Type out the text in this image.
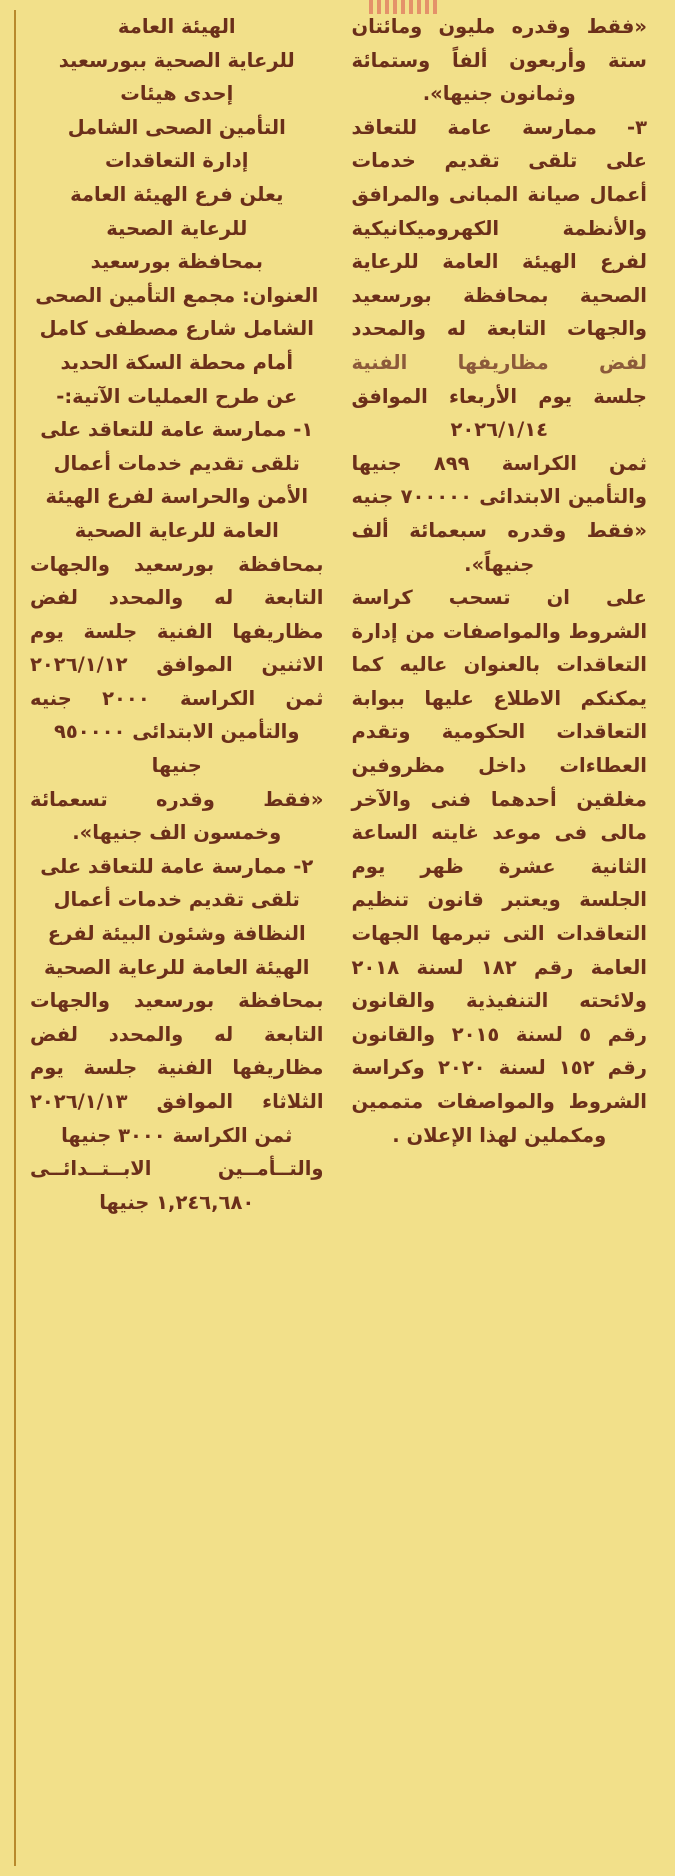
الهيئة العامة
للرعاية الصحية ببورسعيد
إحدى هيئات
التأمين الصحى الشامل
إدارة التعاقدات
يعلن فرع الهيئة العامة
للرعاية الصحية
بمحافظة بورسعيد
العنوان: مجمع التأمين الصحى
الشامل شارع مصطفى كامل
أمام محطة السكة الحديد
عن طرح العمليات الآتية:-
١- ممارسة عامة للتعاقد على
تلقى تقديم خدمات أعمال
الأمن والحراسة لفرع الهيئة
العامة للرعاية الصحية
بمحافظة بورسعيد والجهات
التابعة له والمحدد لفض
مظاريفها الفنية جلسة يوم
الاثنين الموافق ٢٠٢٦/١/١٢
ثمن الكراسة ٢٠٠٠ جنيه
والتأمين الابتدائى ٩٥٠٠٠٠ جنيها
«فقط وقدره تسعمائة
وخمسون الف جنيها».
٢- ممارسة عامة للتعاقد على
تلقى تقديم خدمات أعمال
النظافة وشئون البيئة لفرع
الهيئة العامة للرعاية الصحية
بمحافظة بورسعيد والجهات
التابعة له والمحدد لفض
مظاريفها الفنية جلسة يوم
الثلاثاء الموافق ٢٠٢٦/١/١٣
ثمن الكراسة ٣٠٠٠ جنيها
والتــأمــين الابــتــدائــى
١,٢٤٦,٦٨٠ جنيها
«فقط وقدره مليون ومائتان
ستة وأربعون ألفاً وستمائة
وثمانون جنيها».
٣- ممارسة عامة للتعاقد
على تلقى تقديم خدمات
أعمال صيانة المبانى والمرافق
والأنظمة الكهروميكانيكية
لفرع الهيئة العامة للرعاية
الصحية بمحافظة بورسعيد
والجهات التابعة له والمحدد
لفض مظاريفها الفنية
جلسة يوم الأربعاء الموافق
٢٠٢٦/١/١٤
ثمن الكراسة ٨٩٩ جنيها
والتأمين الابتدائى ٧٠٠٠٠٠ جنيه
«فقط وقدره سبعمائة ألف
جنيهاً».
على ان تسحب كراسة
الشروط والمواصفات من إدارة
التعاقدات بالعنوان عاليه كما
يمكنكم الاطلاع عليها ببوابة
التعاقدات الحكومية وتقدم
العطاءات داخل مظروفين
مغلقين أحدهما فنى والآخر
مالى فى موعد غايته الساعة
الثانية عشرة ظهر يوم
الجلسة ويعتبر قانون تنظيم
التعاقدات التى تبرمها الجهات
العامة رقم ١٨٢ لسنة ٢٠١٨
ولائحته التنفيذية والقانون
رقم ٥ لسنة ٢٠١٥ والقانون
رقم ١٥٢ لسنة ٢٠٢٠ وكراسة
الشروط والمواصفات متممين
ومكملين لهذا الإعلان .
